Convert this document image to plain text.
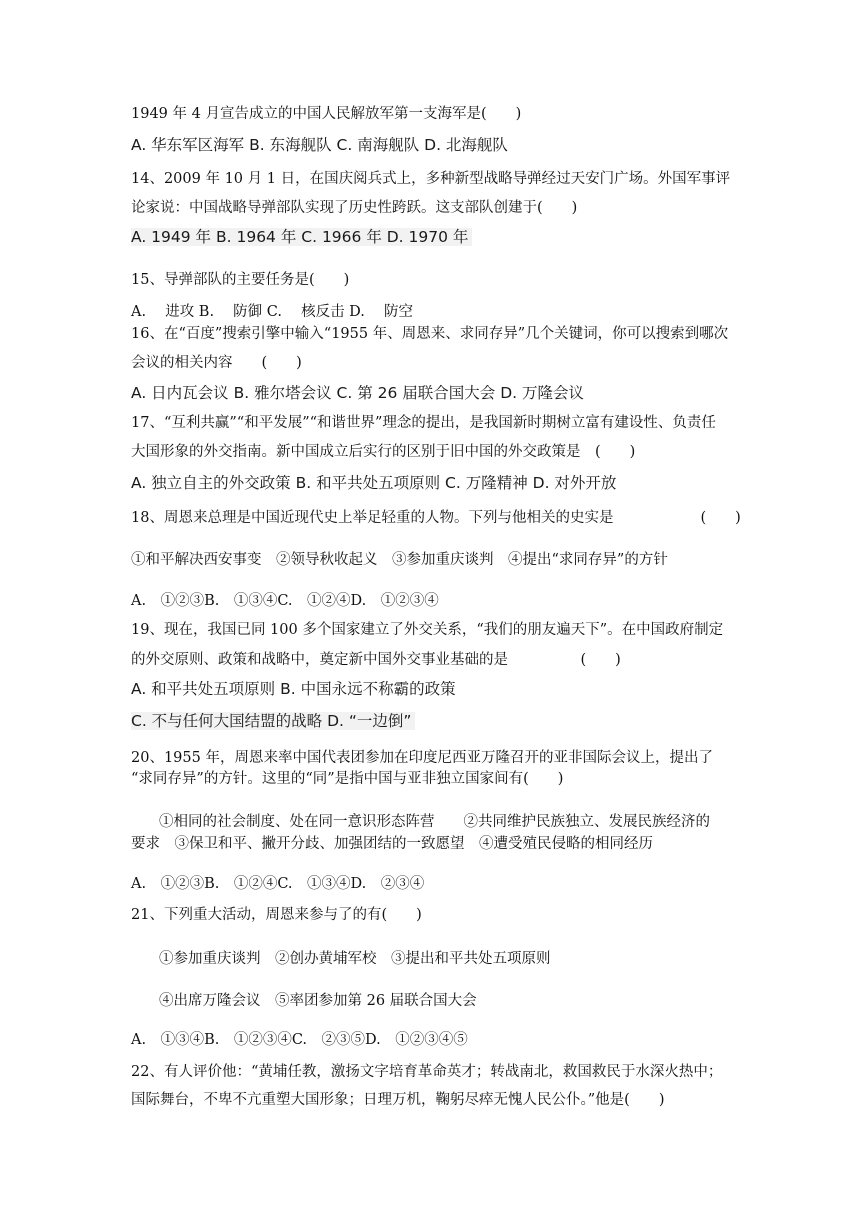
1949 年 4 月宣告成立的中国人民解放军第一支海军是(　　)
A. 华东军区海军 B. 东海舰队 C. 南海舰队 D. 北海舰队
14、2009 年 10 月 1 日，在国庆阅兵式上，多种新型战略导弹经过天安门广场。外国军事评
论家说：中国战略导弹部队实现了历史性跨跃。这支部队创建于(　　)
A. 1949 年 B. 1964 年 C. 1966 年 D. 1970 年
15、导弹部队的主要任务是(　　)
A.　 进攻 B.　 防御 C.　 核反击 D.　 防空
16、在“百度”搜索引擎中输入“1955 年、周恩来、求同存异”几个关键词，你可以搜索到哪次
会议的相关内容　　(　　)
A. 日内瓦会议 B. 雅尔塔会议 C. 第 26 届联合国大会 D. 万隆会议
17、“互利共赢”“和平发展”“和谐世界”理念的提出，是我国新时期树立富有建设性、负责任
大国形象的外交指南。新中国成立后实行的区别于旧中国的外交政策是　(　　)
A. 独立自主的外交政策 B. 和平共处五项原则 C. 万隆精神 D. 对外开放
18、周恩来总理是中国近现代史上举足轻重的人物。下列与他相关的史实是　　　　　　(　　)
①和平解决西安事变　②领导秋收起义　③参加重庆谈判　④提出“求同存异”的方针
A.　①②③B.　①③④C.　①②④D.　①②③④
19、现在，我国已同 100 多个国家建立了外交关系，“我们的朋友遍天下”。在中国政府制定
的外交原则、政策和战略中，奠定新中国外交事业基础的是　　　　　(　　)
A. 和平共处五项原则 B. 中国永远不称霸的政策
C. 不与任何大国结盟的战略 D. “一边倒”
20、1955 年，周恩来率中国代表团参加在印度尼西亚万隆召开的亚非国际会议上，提出了
“求同存异”的方针。这里的“同”是指中国与亚非独立国家间有(　　)
①相同的社会制度、处在同一意识形态阵营　　②共同维护民族独立、发展民族经济的
要求　③保卫和平、撇开分歧、加强团结的一致愿望　④遭受殖民侵略的相同经历
A.　①②③B.　①②④C.　①③④D.　②③④
21、下列重大活动，周恩来参与了的有(　　)
①参加重庆谈判　②创办黄埔军校　③提出和平共处五项原则
④出席万隆会议　⑤率团参加第 26 届联合国大会
A.　①③④B.　①②③④C.　②③⑤D.　①②③④⑤
22、有人评价他：“黄埔任教，激扬文字培育革命英才；转战南北，救国救民于水深火热中；
国际舞台，不卑不亢重塑大国形象；日理万机，鞠躬尽瘁无愧人民公仆。”他是(　　)
